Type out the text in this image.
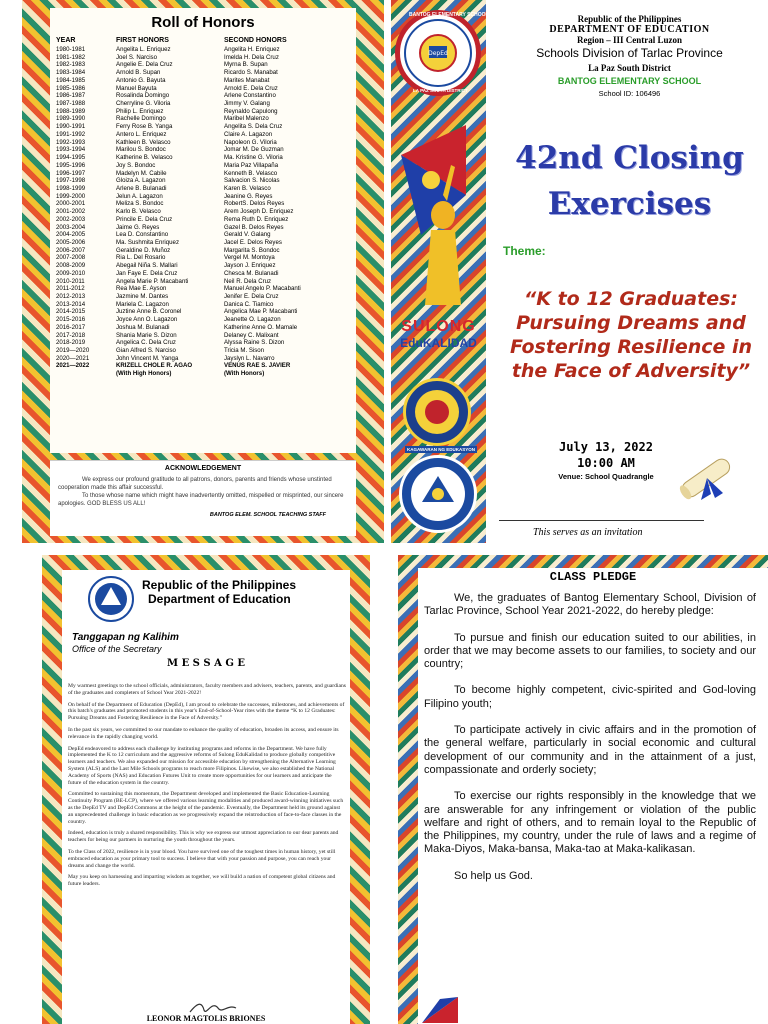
Roll of Honors
YEAR	FIRST HONORS	SECOND HONORS
1980-1981	Angelita L. Enriquez	Angelita H. Enriquez
1981-1982	Joel S. Narciso	Imelda H. Dela Cruz
1982-1983	Angelie E. Dela Cruz	Myrna B. Supan
1983-1984	Arnold B. Supan	Ricardo S. Manabat
1984-1985	Antonio G. Bayuta	Marites Manabat
1985-1986	Manuel Bayuta	Arnold E. Dela Cruz
1986-1987	Rosalinda Domingo	Arlene Constantino
1987-1988	Cherryline G. Viloria	Jimmy V. Galang
1988-1989	Philip L. Enriquez	Reynaldo Capulong
1989-1990	Rachelle Domingo	Maribel Malenzo
1990-1991	Ferry Rose B. Yanga	Angelita S. Dela Cruz
1991-1992	Antero L. Enriquez	Claire A. Lagazon
1992-1993	Kathleen B. Velasco	Napoleon G. Viloria
1993-1994	Marilou S. Bondoc	Jomar M. De Guzman
1994-1995	Katherine B. Velasco	Ma. Kristine G. Viloria
1995-1996	Joy S. Bondoc	Maria Paz Villapaña
1996-1997	Madelyn M. Cabile	Kenneth B. Velasco
1997-1998	Gloiza A. Lagazon	Salvacion S. Nicolas
1998-1999	Arlene B. Bulanadi	Karen B. Velasco
1999-2000	Jelun A. Lagazon	Jeanine G. Reyes
2000-2001	Meliza S. Bondoc	RobertS. Delos Reyes
2001-2002	Karlo B. Velasco	Arem Joseph D. Enriquez
2002-2003	Princile E. Dela Cruz	Rema Ruth D. Enriquez
2003-2004	Jaime G. Reyes	Gazel B. Delos Reyes
2004-2005	Lea D. Constantino	Gerald V. Galang
2005-2006	Ma. Sushmita Enriquez	Jacel E. Delos Reyes
2006-2007	Geraldine D. Muñoz	Margarita S. Bondoc
2007-2008	Ria L. Del Rosario	Vergel M. Montoya
2008-2009	Abegail Niña S. Mallari	Jayson J. Enriquez
2009-2010	Jan Faye E. Dela Cruz	Chesca M. Bulanadi
2010-2011	Angela Marie P. Macabanti	Neil R. Dela Cruz
2011-2012	Rea Mae E. Ayson	Manuel Angelo P. Macabanti
2012-2013	Jazmine M. Dantes	Jenifer E. Dela Cruz
2013-2014	Mariela C. Lagazon	Danica C. Tiamico
2014-2015	Juztine Anne B. Coronel	Angelica Mae P. Macabanti
2015-2016	Joyce Ann O. Lagazon	Jeanette O. Lagazon
2016-2017	Joshua M. Bulanadi	Katherine Anne O. Mamale
2017-2018	Shania Marie S. Dizon	Delaney C. Malixant
2018-2019	Angelica C. Dela Cruz	Alyssa Raine S. Dizon
2019—2020	Gian Alfred S. Narciso	Tricia M. Sison
2020—2021	John Vincent M. Yanga	Jayslyn L. Navarro
2021—2022	KRIZELL CHOLE R. AGAO	VENUS RAE S. JAVIER
(With High Honors)	(With Honors)
ACKNOWLEDGEMENT
We express our profound gratitude to all patrons, donors, parents and friends whose unstinted cooperation made this affair successful.
To those whose name which might have inadvertently omitted, mispelled or misprinted, our sincere apologies. GOD BLESS US ALL!
BANTOG ELEM. SCHOOL TEACHING STAFF
DepEd
BANTOG ELEMENTARY SCHOOL
LA PAZ SOUTH DISTRICT
SULONG
EduKALIDAD
KAGAWARAN NG EDUKASYON
Republic of the Philippines
DEPARTMENT OF EDUCATION
Region – III Central Luzon
Schools Division of Tarlac Province
La Paz South District
BANTOG ELEMENTARY SCHOOL
School ID: 106496
42nd Closing
Exercises
Theme:
“K to 12 Graduates: Pursuing Dreams and Fostering Resilience in the Face of Adversity”
July 13, 2022
10:00 AM
Venue: School Quadrangle
This serves as an invitation
Republic of the Philippines
Department of Education
Tanggapan ng Kalihim
Office of the Secretary
M E S S A G E
My warmest greetings to the school officials, administrators, faculty members and advisers, teachers, parents, and guardians of the graduates and completers of School Year 2021-2022!
On behalf of the Department of Education (DepEd), I am proud to celebrate the successes, milestones, and achievements of this batch's graduates and promoted students in this year's End-of-School-Year rites with the theme “K to 12 Graduates: Pursuing Dreams and Fostering Resilience in the Face of Adversity.”
In the past six years, we committed to our mandate to enhance the quality of education, broaden its access, and ensure its relevance in the rapidly changing world.
DepEd endeavored to address each challenge by instituting programs and reforms in the Department. We have fully implemented the K to 12 curriculum and the aggressive reforms of Sulong EduKalidad to produce globally competitive learners and teachers. We also expanded our mission for accessible education by strengthening the Alternative Learning System (ALS) and the Last Mile Schools programs to reach more Filipinos. Likewise, we also established the National Academy of Sports (NAS) and Education Futures Unit to create more opportunities for our learners and anticipate the future of the education system in the country.
Committed to sustaining this momentum, the Department developed and implemented the Basic Education-Learning Continuity Program (BE-LCP), where we offered various learning modalities and produced award-winning initiatives such as the DepEd TV and DepEd Commons at the height of the pandemic. Eventually, the Department held its ground against an unprecedented challenge in basic education as we progressively expand the reintroduction of face-to-face classes in the country.
Indeed, education is truly a shared responsibility. This is why we express our utmost appreciation to our dear parents and teachers for being our partners in nurturing the youth throughout the years.
To the Class of 2022, resilience is in your blood. You have survived one of the toughest times in human history, yet still embraced education as your primary tool to success. I believe that with your passion and purpose, you can reach your dreams and change the world.
May you keep on harnessing and imparting wisdom as together, we will build a nation of competent global citizens and future leaders.
LEONOR MAGTOLIS BRIONES
CLASS PLEDGE
We, the graduates of Bantog Elementary School, Division of Tarlac Province, School Year 2021-2022, do hereby pledge:
To pursue and finish our education suited to our abilities, in order that we may become assets to our families, to society and our country;
To become highly competent, civic-spirited and God-loving Filipino youth;
To participate actively in civic affairs and in the promotion of the general welfare, particularly in social economic and cultural development of our community and in the attainment of a just, compassionate and orderly society;
To exercise our rights responsibly in the knowledge that we are answerable for any infringement or violation of the public welfare and right of others, and to remain loyal to the Republic of the Philippines, my country, under the rule of laws and a regime of Maka-Diyos, Maka-bansa, Maka-tao at Maka-kalikasan.
So help us God.
